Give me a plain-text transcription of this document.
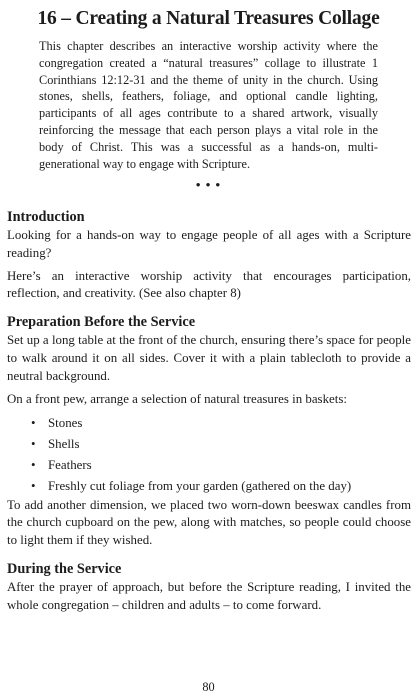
16 – Creating a Natural Treasures Collage
This chapter describes an interactive worship activity where the congregation created a “natural treasures” collage to illustrate 1 Corinthians 12:12-31 and the theme of unity in the church. Using stones, shells, feathers, foliage, and optional candle lighting, participants of all ages contribute to a shared artwork, visually reinforcing the message that each person plays a vital role in the body of Christ. This was a successful as a hands-on, multi-generational way to engage with Scripture.
• • •
Introduction

Looking for a hands-on way to engage people of all ages with a Scripture reading?

Here’s an interactive worship activity that encourages participation, reflection, and creativity. (See also chapter 8)

Preparation Before the Service

Set up a long table at the front of the church, ensuring there’s space for people to walk around it on all sides. Cover it with a plain tablecloth to provide a neutral background.

On a front pew, arrange a selection of natural treasures in baskets:

• Stones
• Shells
• Feathers
• Freshly cut foliage from your garden (gathered on the day)

To add another dimension, we placed two worn-down beeswax candles from the church cupboard on the pew, along with matches, so people could choose to light them if they wished.

During the Service

After the prayer of approach, but before the Scripture reading, I invited the whole congregation – children and adults – to come forward.

80
